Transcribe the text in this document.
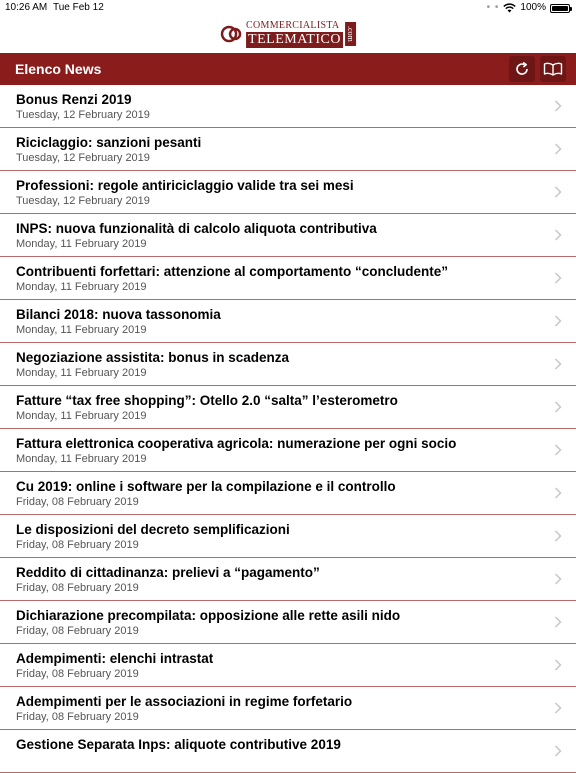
10:26 AM Tue Feb 12	• • 100%
COMMERCIALISTA
TELEMATICO .com
Elenco News
Bonus Renzi 2019
Tuesday, 12 February 2019
Riciclaggio: sanzioni pesanti
Tuesday, 12 February 2019
Professioni: regole antiriciclaggio valide tra sei mesi
Tuesday, 12 February 2019
INPS: nuova funzionalità di calcolo aliquota contributiva
Monday, 11 February 2019
Contribuenti forfettari: attenzione al comportamento “concludente”
Monday, 11 February 2019
Bilanci 2018: nuova tassonomia
Monday, 11 February 2019
Negoziazione assistita: bonus in scadenza
Monday, 11 February 2019
Fatture “tax free shopping”: Otello 2.0 “salta” l’esterometro
Monday, 11 February 2019
Fattura elettronica cooperativa agricola: numerazione per ogni socio
Monday, 11 February 2019
Cu 2019: online i software per la compilazione e il controllo
Friday, 08 February 2019
Le disposizioni del decreto semplificazioni
Friday, 08 February 2019
Reddito di cittadinanza: prelievi a “pagamento”
Friday, 08 February 2019
Dichiarazione precompilata: opposizione alle rette asili nido
Friday, 08 February 2019
Adempimenti: elenchi intrastat
Friday, 08 February 2019
Adempimenti per le associazioni in regime forfetario
Friday, 08 February 2019
Gestione Separata Inps: aliquote contributive 2019
